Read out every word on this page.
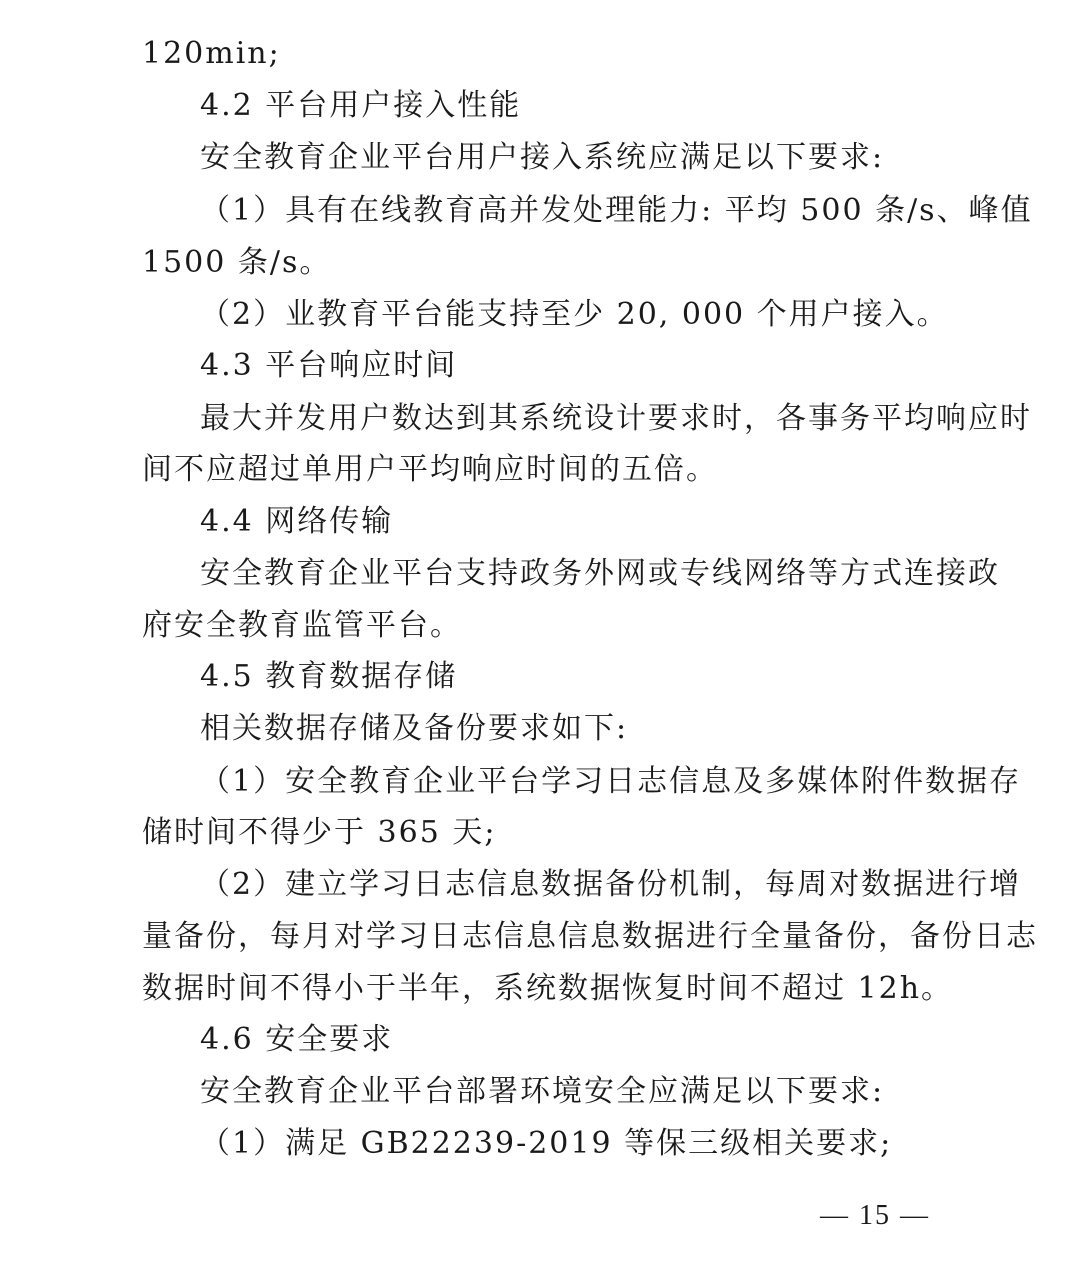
120min;
4.2 平台用户接入性能
安全教育企业平台用户接入系统应满足以下要求:
（1）具有在线教育高并发处理能力: 平均 500 条/s、峰值
1500 条/s。
（2）业教育平台能支持至少 20, 000 个用户接入。
4.3 平台响应时间
最大并发用户数达到其系统设计要求时，各事务平均响应时
间不应超过单用户平均响应时间的五倍。
4.4 网络传输
安全教育企业平台支持政务外网或专线网络等方式连接政
府安全教育监管平台。
4.5 教育数据存储
相关数据存储及备份要求如下:
（1）安全教育企业平台学习日志信息及多媒体附件数据存
储时间不得少于 365 天;
（2）建立学习日志信息数据备份机制，每周对数据进行增
量备份，每月对学习日志信息信息数据进行全量备份，备份日志
数据时间不得小于半年，系统数据恢复时间不超过 12h。
4.6 安全要求
安全教育企业平台部署环境安全应满足以下要求:
（1）满足 GB22239-2019 等保三级相关要求;
— 15 —
